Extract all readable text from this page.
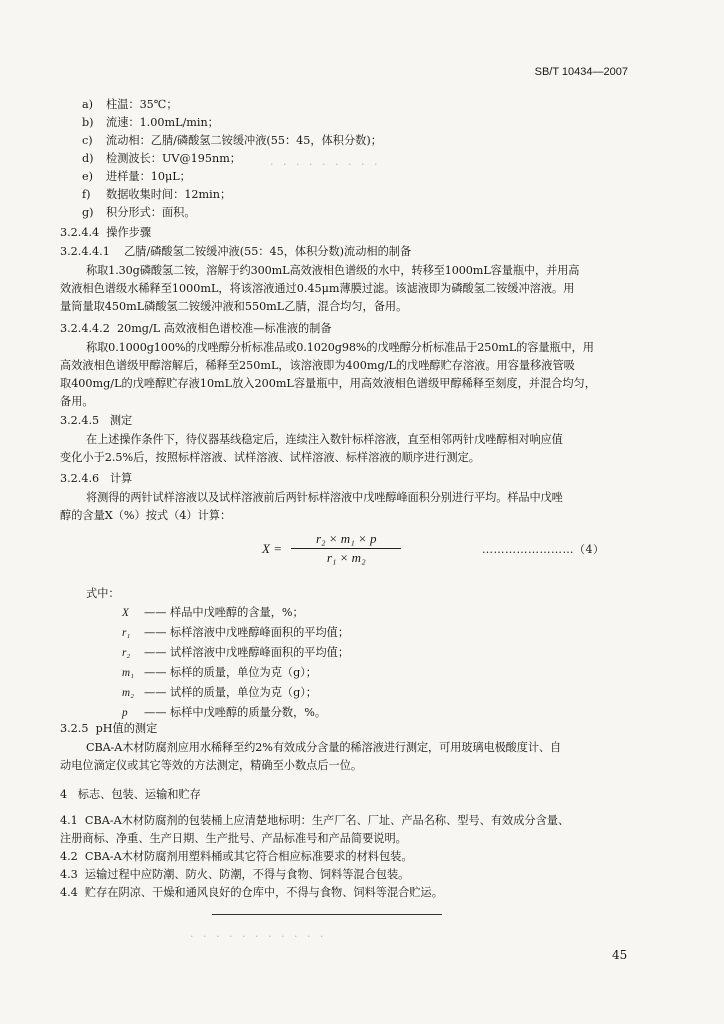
SB/T 10434—2007
· · · · · · · · ·
· · · · · · · · · · ·
a) 柱温：35℃；
b) 流速：1.00mL/min；
c) 流动相：乙腈/磷酸氢二铵缓冲液(55：45，体积分数)；
d) 检测波长：UV@195nm；
e) 进样量：10μL；
f) 数据收集时间：12min；
g) 积分形式：面积。
3.2.4.4 操作步骤
3.2.4.4.1 乙腈/磷酸氢二铵缓冲液(55：45，体积分数)流动相的制备
称取1.30g磷酸氢二铵，溶解于约300mL高效液相色谱级的水中，转移至1000mL容量瓶中，并用高
效液相色谱级水稀释至1000mL，将该溶液通过0.45μm薄膜过滤。该滤液即为磷酸氢二铵缓冲溶液。用
量筒量取450mL磷酸氢二铵缓冲液和550mL乙腈，混合均匀，备用。
3.2.4.4.2 20mg/L 高效液相色谱校准—标准液的制备
称取0.1000g100%的戊唑醇分析标准品或0.1020g98%的戊唑醇分析标准品于250mL的容量瓶中，用
高效液相色谱级甲醇溶解后，稀释至250mL，该溶液即为400mg/L的戊唑醇贮存溶液。用容量移液管吸
取400mg/L的戊唑醇贮存液10mL放入200mL容量瓶中，用高效液相色谱级甲醇稀释至刻度，并混合均匀，
备用。
3.2.4.5 测定
在上述操作条件下，待仪器基线稳定后，连续注入数针标样溶液，直至相邻两针戊唑醇相对响应值
变化小于2.5%后，按照标样溶液、试样溶液、试样溶液、标样溶液的顺序进行测定。
3.2.4.6 计算
将测得的两针试样溶液以及试样溶液前后两针标样溶液中戊唑醇峰面积分别进行平均。样品中戊唑
醇的含量X（%）按式（4）计算：
$X = \frac{\text{r₂ × m₁ × p}}{\text{r₁ × m₂}}$	……………………（4）
式中：
X —— 样品中戊唑醇的含量，%；
r₁ —— 标样溶液中戊唑醇峰面积的平均值；
r₂ —— 试样溶液中戊唑醇峰面积的平均值；
m₁ —— 标样的质量，单位为克（g）；
m₂ —— 试样的质量，单位为克（g）；
p —— 标样中戊唑醇的质量分数，%。
3.2.5 pH值的测定
CBA-A木材防腐剂应用水稀释至约2%有效成分含量的稀溶液进行测定，可用玻璃电极酸度计、自
动电位滴定仪或其它等效的方法测定，精确至小数点后一位。
4 标志、包装、运输和贮存
4.1 CBA-A木材防腐剂的包装桶上应清楚地标明：生产厂名、厂址、产品名称、型号、有效成分含量、
注册商标、净重、生产日期、生产批号、产品标准号和产品简要说明。
4.2 CBA-A木材防腐剂用塑料桶或其它符合相应标准要求的材料包装。
4.3 运输过程中应防潮、防火、防潮，不得与食物、饲料等混合包装。
4.4 贮存在阴凉、干燥和通风良好的仓库中，不得与食物、饲料等混合贮运。
45
